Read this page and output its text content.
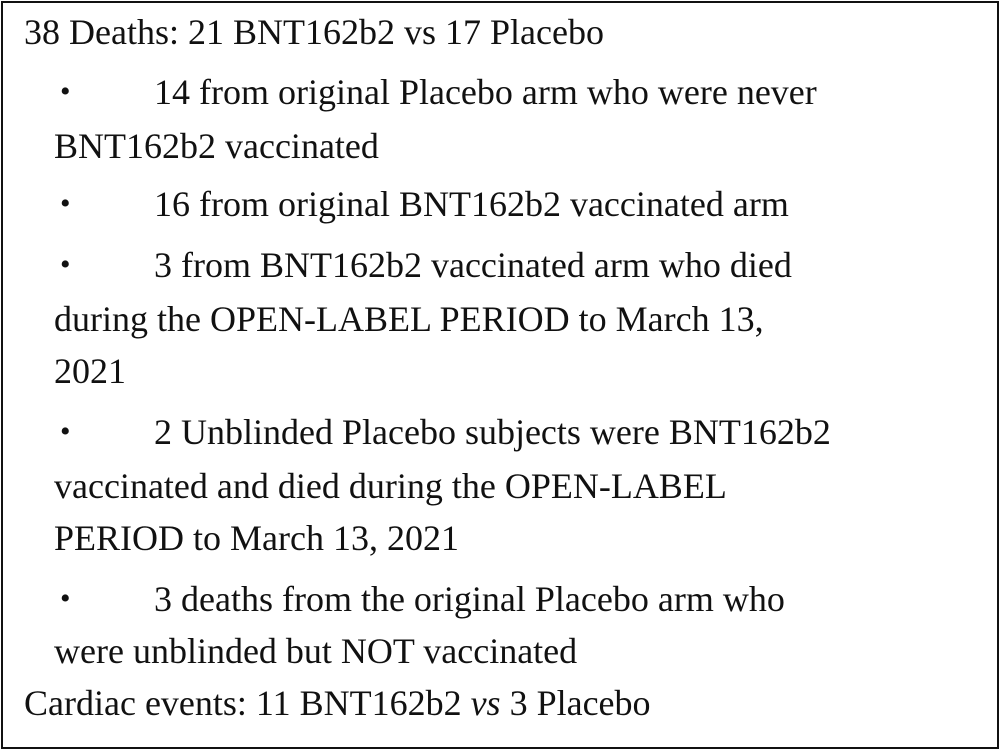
38 Deaths: 21 BNT162b2 vs 17 Placebo
• 14 from original Placebo arm who were never
BNT162b2 vaccinated
• 16 from original BNT162b2 vaccinated arm
• 3 from BNT162b2 vaccinated arm who died
during the OPEN-LABEL PERIOD to March 13,
2021
• 2 Unblinded Placebo subjects were BNT162b2
vaccinated and died during the OPEN-LABEL
PERIOD to March 13, 2021
• 3 deaths from the original Placebo arm who
were unblinded but NOT vaccinated
Cardiac events: 11 BNT162b2 vs 3 Placebo
